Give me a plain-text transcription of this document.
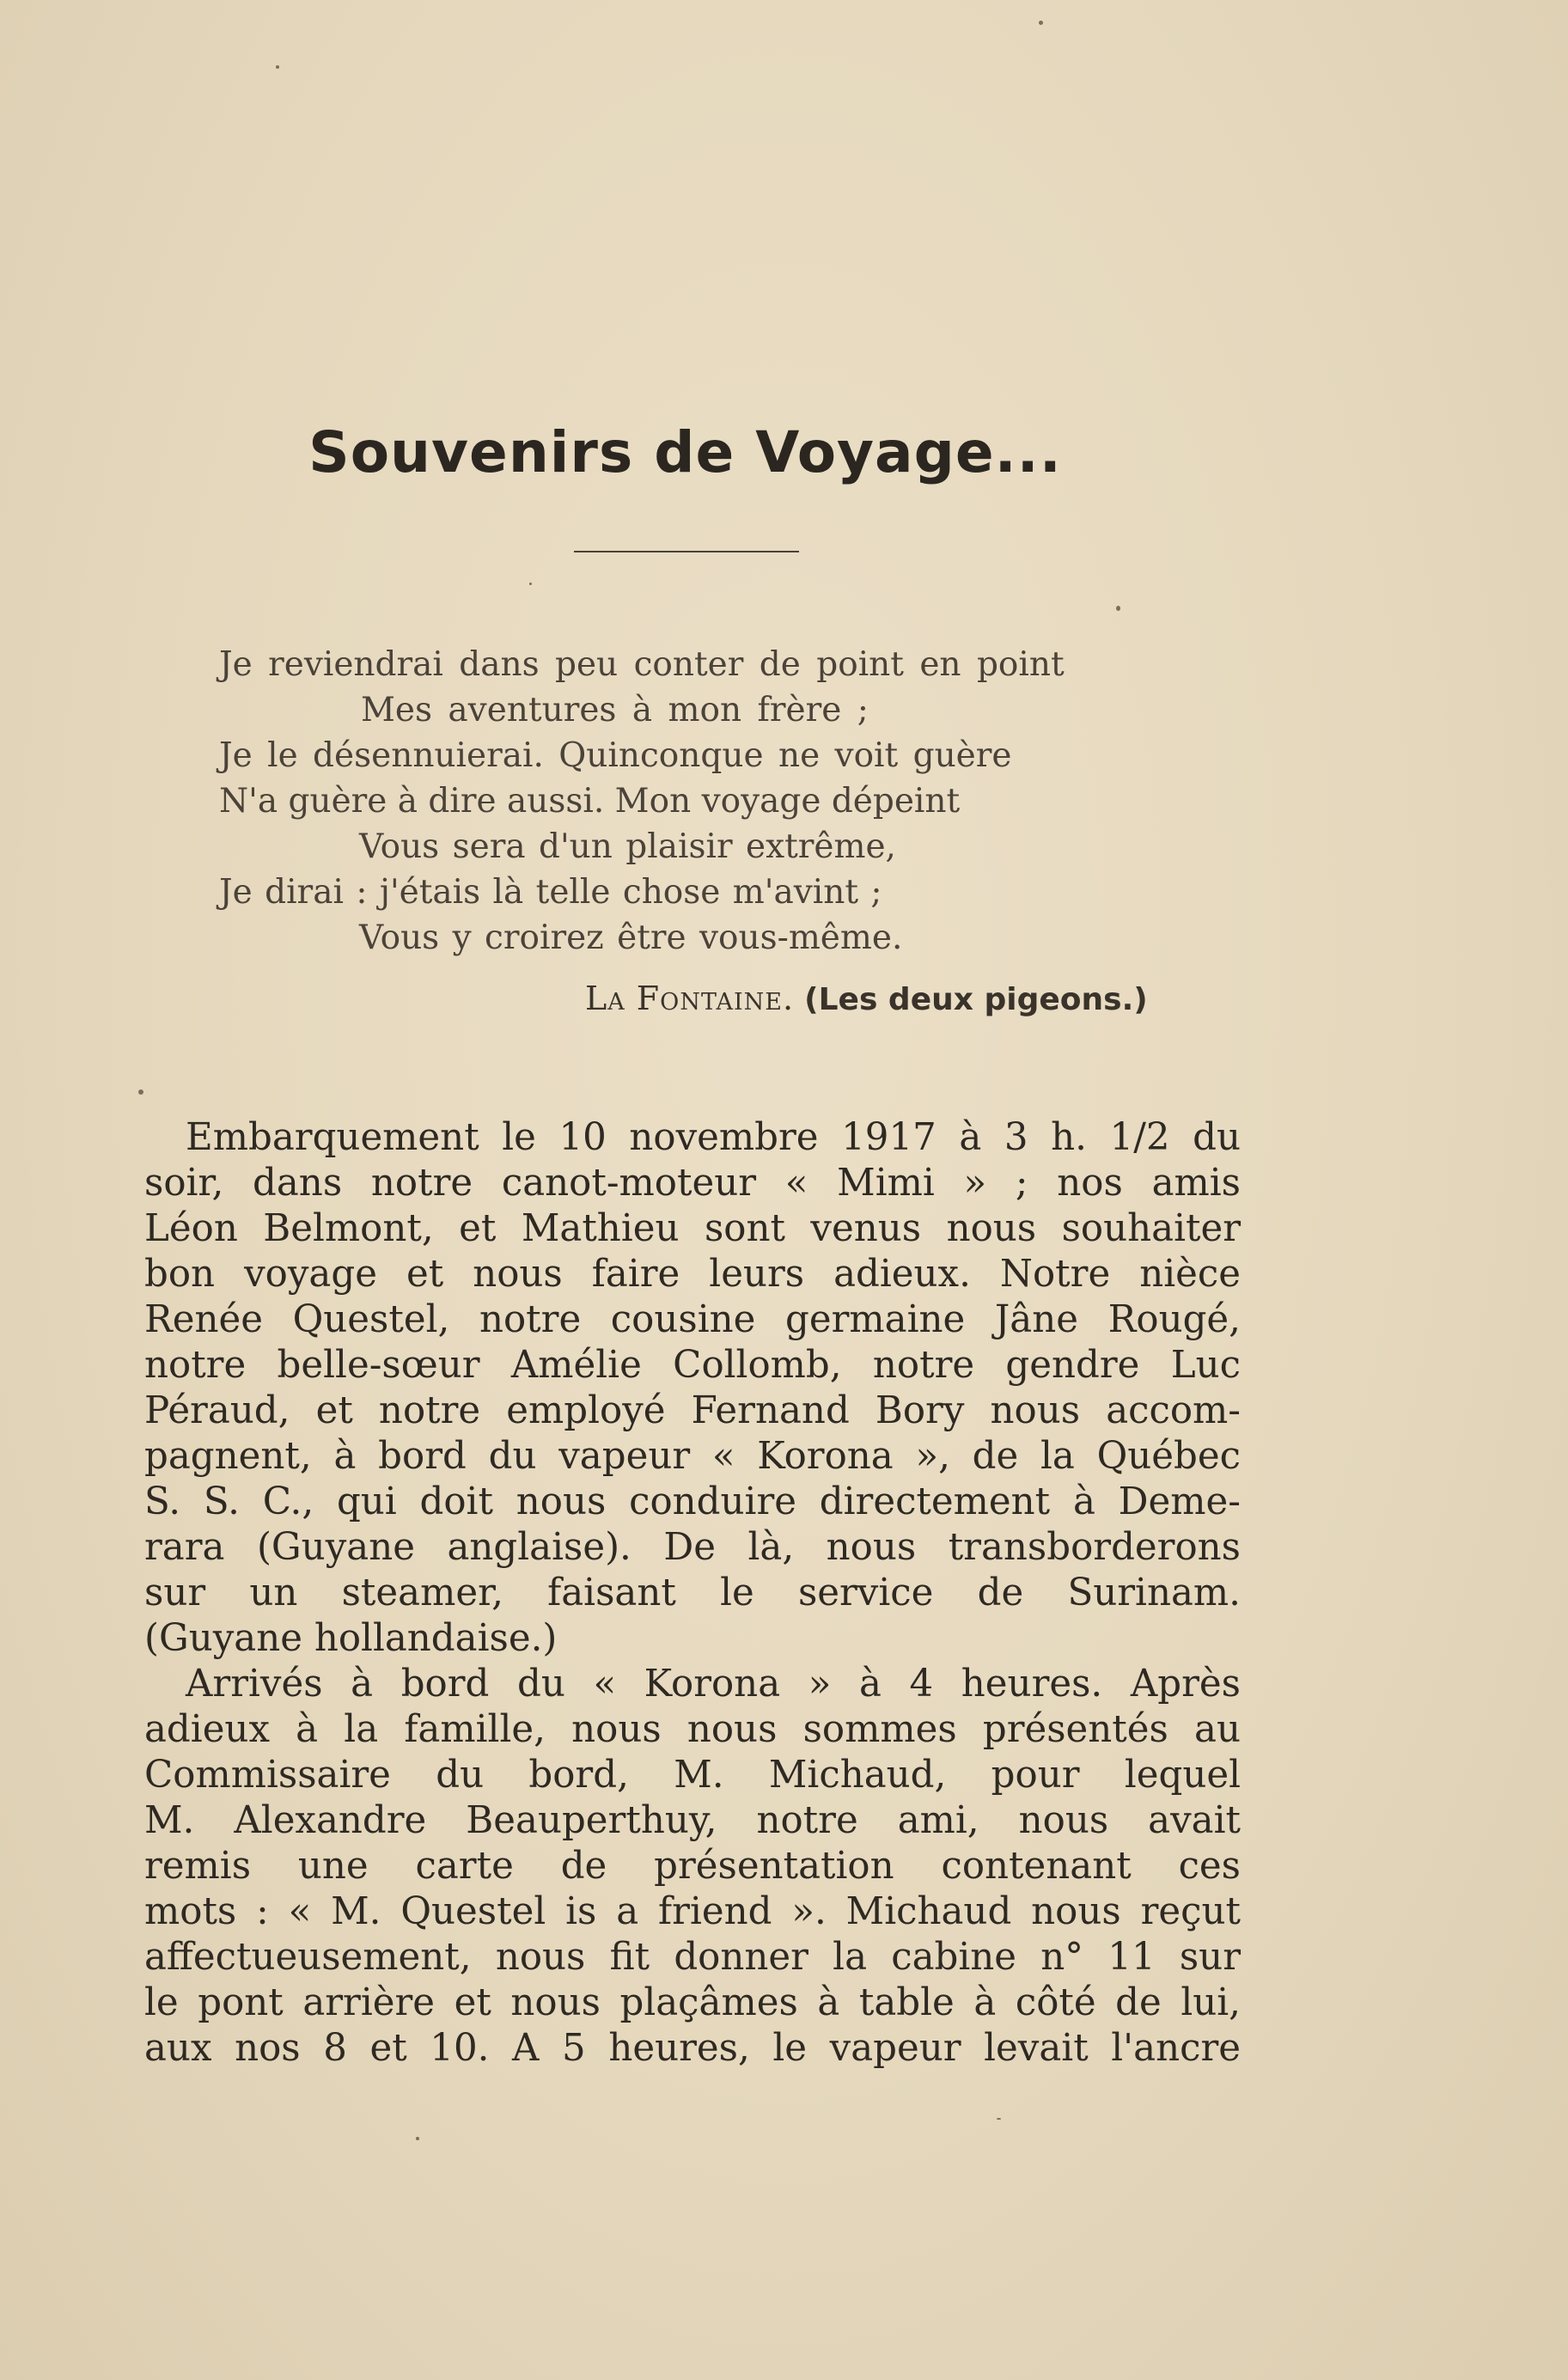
Souvenirs de Voyage...
Je reviendrai dans peu conter de point en point
Mes aventures à mon frère ;
Je le désennuierai. Quinconque ne voit guère
N'a guère à dire aussi. Mon voyage dépeint
Vous sera d'un plaisir extrême,
Je dirai : j'étais là telle chose m'avint ;
Vous y croirez être vous-même.
La Fontaine. (Les deux pigeons.)
Embarquement le 10 novembre 1917 à 3 h. 1/2 du
soir, dans notre canot-moteur « Mimi » ; nos amis
Léon Belmont, et Mathieu sont venus nous souhaiter
bon voyage et nous faire leurs adieux. Notre nièce
Renée Questel, notre cousine germaine Jâne Rougé,
notre belle-sœur Amélie Collomb, notre gendre Luc
Péraud, et notre employé Fernand Bory nous accom-
pagnent, à bord du vapeur « Korona », de la Québec
S. S. C., qui doit nous conduire directement à Deme-
rara (Guyane anglaise). De là, nous transborderons
sur un steamer, faisant le service de Surinam.
(Guyane hollandaise.)
Arrivés à bord du « Korona » à 4 heures. Après
adieux à la famille, nous nous sommes présentés au
Commissaire du bord, M. Michaud, pour lequel
M. Alexandre Beauperthuy, notre ami, nous avait
remis une carte de présentation contenant ces
mots : « M. Questel is a friend ». Michaud nous reçut
affectueusement, nous fit donner la cabine n° 11 sur
le pont arrière et nous plaçâmes à table à côté de lui,
aux nos 8 et 10. A 5 heures, le vapeur levait l'ancre
